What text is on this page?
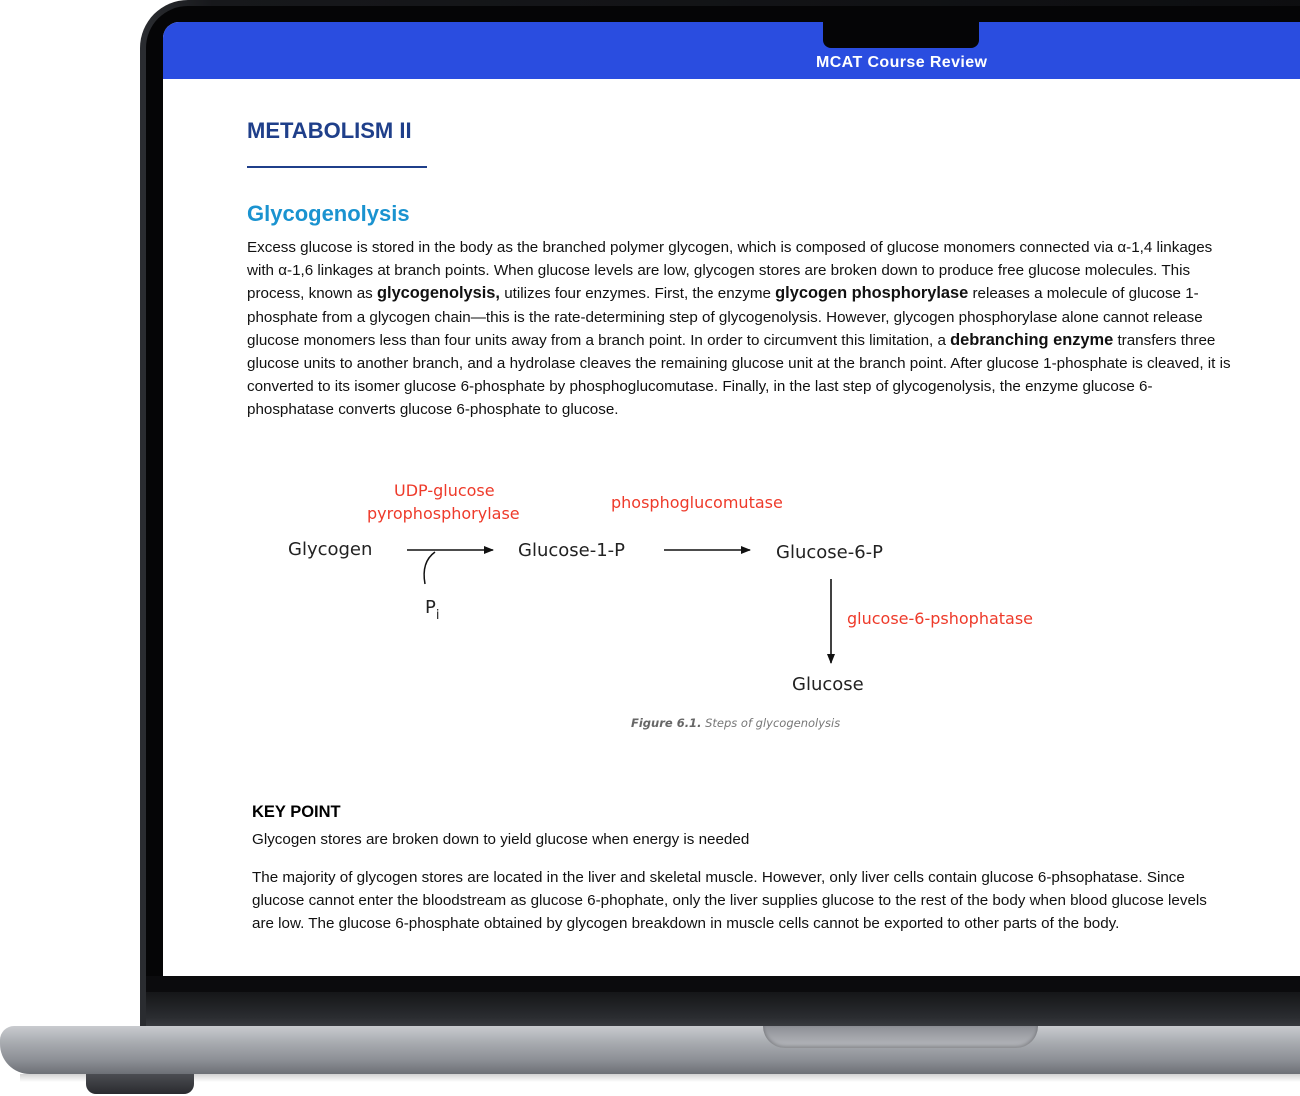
MCAT Course Review
METABOLISM II
Glycogenolysis

Excess glucose is stored in the body as the branched polymer glycogen, which is composed of glucose monomers connected via α-1,4 linkages with α-1,6 linkages at branch points. When glucose levels are low, glycogen stores are broken down to produce free glucose molecules. This process, known as glycogenolysis, utilizes four enzymes. First, the enzyme glycogen phosphorylase releases a molecule of glucose 1-phosphate from a glycogen chain—this is the rate-determining step of glycogenolysis. However, glycogen phosphorylase alone cannot release glucose monomers less than four units away from a branch point. In order to circumvent this limitation, a debranching enzyme transfers three glucose units to another branch, and a hydrolase cleaves the remaining glucose unit at the branch point. After glucose 1-phosphate is cleaved, it is converted to its isomer glucose 6-phosphate by phosphoglucomutase. Finally, in the last step of glycogenolysis, the enzyme glucose 6-phosphatase converts glucose 6-phosphate to glucose.

Glycogen	Glucose-1-P	Glucose-6-P
Glucose
UDP-glucose
pyrophosphorylase
phosphoglucomutase
glucose-6-pshophatase
$P_i$
Figure 6.1. Steps of glycogenolysis
KEY POINT

Glycogen stores are broken down to yield glucose when energy is needed

The majority of glycogen stores are located in the liver and skeletal muscle. However, only liver cells contain glucose 6-phsophatase. Since glucose cannot enter the bloodstream as glucose 6-phophate, only the liver supplies glucose to the rest of the body when blood glucose levels are low. The glucose 6-phosphate obtained by glycogen breakdown in muscle cells cannot be exported to other parts of the body.
